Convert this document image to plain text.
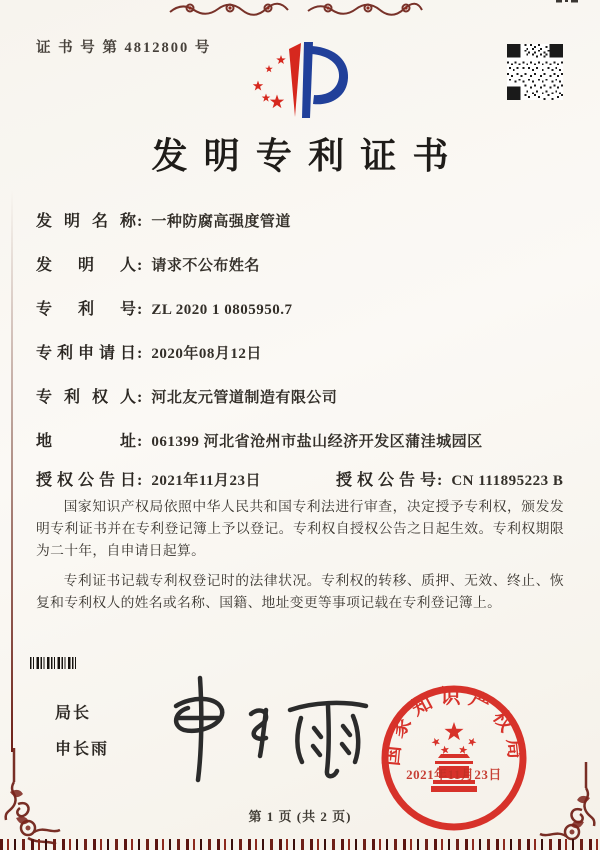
证 书 号 第 4812800 号
发明专利证书
发明名称 : 一种防腐高强度管道
发明人 : 请求不公布姓名
专利号 : ZL 2020 1 0805950.7
专利申请日 : 2020年08月12日
专利权人 : 河北友元管道制造有限公司
地址 : 061399 河北省沧州市盐山经济开发区蒲洼城园区
授权公告日 : 2021年11月23日	授权公告号 : CN 111895223 B

国家知识产权局依照中华人民共和国专利法进行审查，决定授予专利权，颁发发明专利证书并在专利登记簿上予以登记。专利权自授权公告之日起生效。专利权期限为二十年，自申请日起算。

专利证书记载专利权登记时的法律状况。专利权的转移、质押、无效、终止、恢复和专利权人的姓名或名称、国籍、地址变更等事项记载在专利登记簿上。

局长
申长雨
第 1 页 (共 2 页)
国家知识产权局
2021年11月23日
